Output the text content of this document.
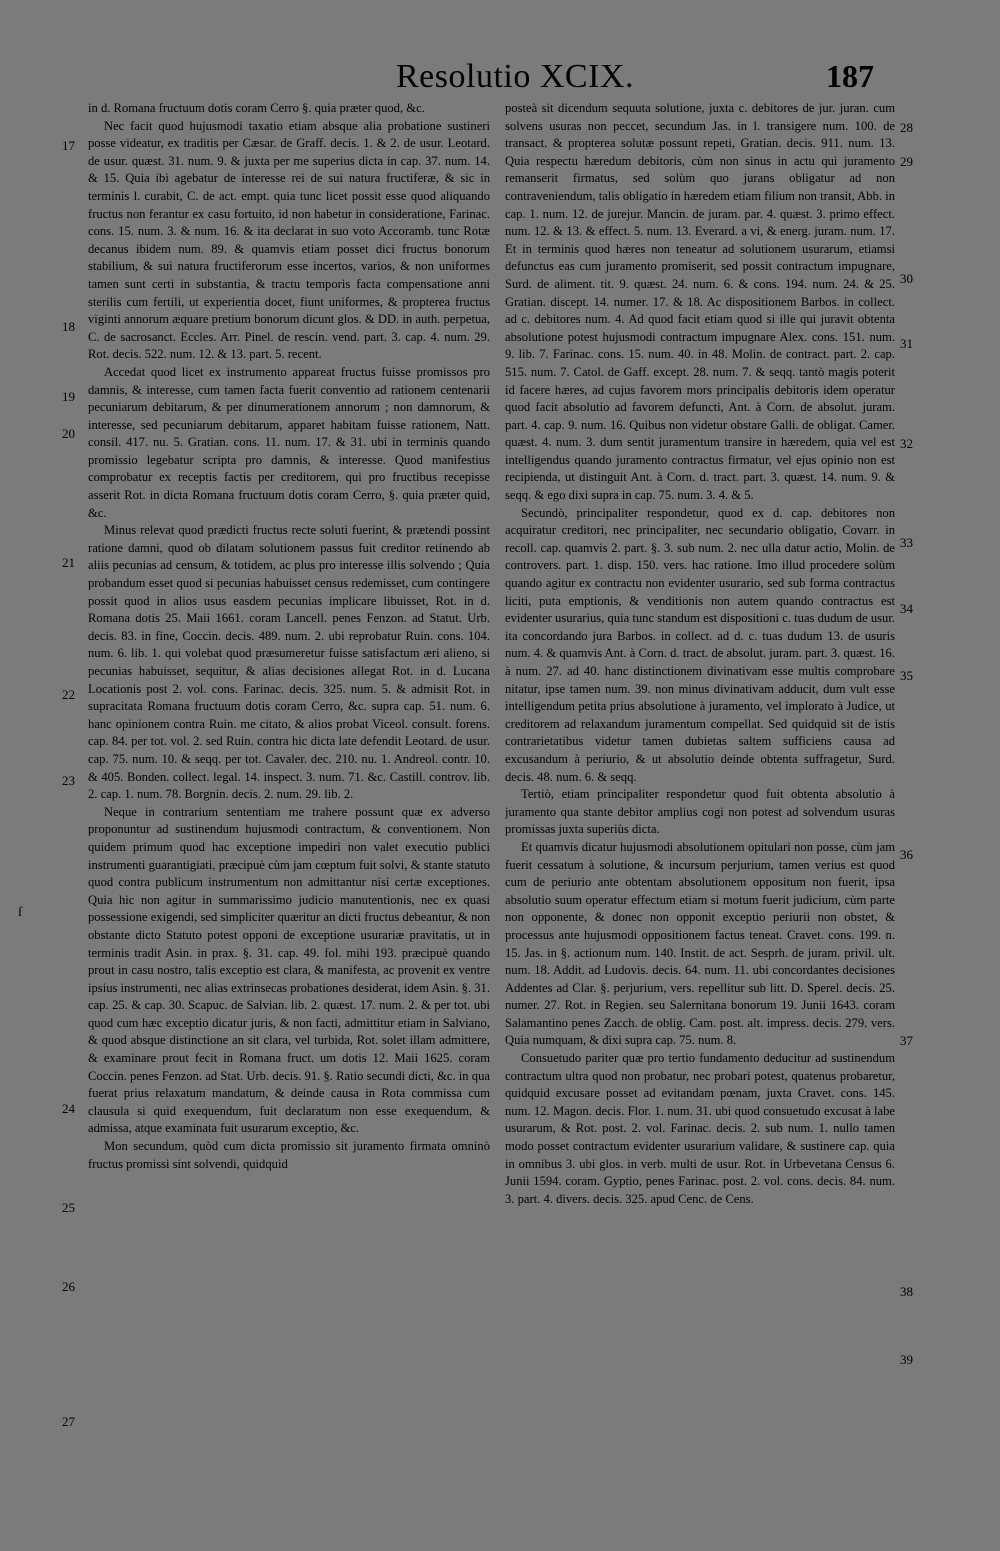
Resolutio XCIX.	187

in d. Romana fructuum dotis coram Cerro §. quia præter quod, &c.

Nec facit quod hujusmodi taxatio etiam absque alia probatione sustineri posse videatur, ex traditis per Cæsar. de Graff. decis. 1. & 2. de usur. Leotard. de usur. quæst. 31. num. 9. & juxta per me superius dicta in cap. 37. num. 14. & 15. Quia ibi agebatur de interesse rei de sui natura fructiferæ, & sic in terminis l. curabit, C. de act. empt. quia tunc licet possit esse quod aliquando fructus non ferantur ex casu fortuito, id non habetur in consideratione, Farinac. cons. 15. num. 3. & num. 16. & ita declarat in suo voto Accoramb. tunc Rotæ decanus ibidem num. 89. & quamvis etiam posset dici fructus bonorum stabilium, & sui natura fructiferorum esse incertos, varios, & non uniformes tamen sunt certi in substantia, & tractu temporis facta compensatione anni sterilis cum fertili, ut experientia docet, fiunt uniformes, & propterea fructus viginti annorum æquare pretium bonorum dicunt glos. & DD. in auth. perpetua, C. de sacrosanct. Eccles. Arr. Pinel. de rescin. vend. part. 3. cap. 4. num. 29. Rot. decis. 522. num. 12. & 13. part. 5. recent.

Accedat quod licet ex instrumento appareat fructus fuisse promissos pro damnis, & interesse, cum tamen facta fuerit conventio ad rationem centenarii pecuniarum debitarum, & per dinumerationem annorum ; non damnorum, & interesse, sed pecuniarum debitarum, apparet habitam fuisse rationem, Natt. consil. 417. nu. 5. Gratian. cons. 11. num. 17. & 31. ubi in terminis quando promissio legebatur scripta pro damnis, & interesse. Quod manifestius comprobatur ex receptis factis per creditorem, qui pro fructibus recepisse asserit Rot. in dicta Romana fructuum dotis coram Cerro, §. quia præter quid, &c.

Minus relevat quod prædicti fructus recte soluti fuerint, & prætendi possint ratione damni, quod ob dilatam solutionem passus fuit creditor retinendo ab aliis pecunias ad censum, & totidem, ac plus pro interesse illis solvendo ; Quia probandum esset quod si pecunias habuisset census redemisset, cum contingere possit quod in alios usus easdem pecunias implicare libuisset, Rot. in d. Romana dotis 25. Maii 1661. coram Lancell. penes Fenzon. ad Statut. Urb. decis. 83. in fine, Coccin. decis. 489. num. 2. ubi reprobatur Ruin. cons. 104. num. 6. lib. 1. qui volebat quod præsumeretur fuisse satisfactum æri alieno, si pecunias habuisset, sequitur, & alias decisiones allegat Rot. in d. Lucana Locationis post 2. vol. cons. Farinac. decis. 325. num. 5. & admisit Rot. in supracitata Romana fructuum dotis coram Cerro, &c. supra cap. 51. num. 6. hanc opinionem contra Ruin. me citato, & alios probat Viceol. consult. forens. cap. 84. per tot. vol. 2. sed Ruin. contra hic dicta late defendit Leotard. de usur. cap. 75. num. 10. & seqq. per tot. Cavaler. dec. 210. nu. 1. Andreol. contr. 10. & 405. Bonden. collect. legal. 14. inspect. 3. num. 71. &c. Castill. controv. lib. 2. cap. 1. num. 78. Borgnin. decis. 2. num. 29. lib. 2.

Neque in contrarium sententiam me trahere possunt quæ ex adverso proponuntur ad sustinendum hujusmodi contractum, & conventionem. Non quidem primum quod hac exceptione impediri non valet executio publici instrumenti guarantigiati, præcipuè cùm jam cœptum fuit solvi, & stante statuto quod contra publicum instrumentum non admittantur nisi certæ exceptiones. Quia hic non agitur in summarissimo judicio manutentionis, nec ex quasi possessione exigendi, sed simpliciter quæritur an dicti fructus debeantur, & non obstante dicto Statuto potest opponi de exceptione usurariæ pravitatis, ut in terminis tradit Asin. in prax. §. 31. cap. 49. fol. mihi 193. præcipuè quando prout in casu nostro, talis exceptio est clara, & manifesta, ac provenit ex ventre ipsius instrumenti, nec alias extrinsecas probationes desiderat, idem Asin. §. 31. cap. 25. & cap. 30. Scapuc. de Salvian. lib. 2. quæst. 17. num. 2. & per tot. ubi quod cum hæc exceptio dicatur juris, & non facti, admittitur etiam in Salviano, & quod absque distinctione an sit clara, vel turbida, Rot. solet illam admittere, & examinare prout fecit in Romana fruct. um dotis 12. Maii 1625. coram Coccin. penes Fenzon. ad Stat. Urb. decis. 91. §. Ratio secundi dicti, &c. in qua fuerat prius relaxatum mandatum, & deinde causa in Rota commissa cum clausula si quid exequendum, fuit declaratum non esse exequendum, & admissa, atque examinata fuit usurarum exceptio, &c.

Mon secundum, quòd cum dicta promissio sit juramento firmata omninò fructus promissi sint solvendi, quidquid

posteà sit dicendum sequuta solutione, juxta c. debitores de jur. juran. cum solvens usuras non peccet, secundum Jas. in l. transigere num. 100. de transact. & propterea solutæ possunt repeti, Gratian. decis. 911. num. 13. Quia respectu hæredum debitoris, cùm non sinus in actu qui juramento remanserit firmatus, sed solùm quo jurans obligatur ad non contraveniendum, talis obligatio in hæredem etiam filium non transit, Abb. in cap. 1. num. 12. de jurejur. Mancin. de juram. par. 4. quæst. 3. primo effect. num. 12. & 13. & effect. 5. num. 13. Everard. a vi, & energ. juram. num. 17. Et in terminis quod hæres non teneatur ad solutionem usurarum, etiamsi defunctus eas cum juramento promiserit, sed possit contractum impugnare, Surd. de aliment. tit. 9. quæst. 24. num. 6. & cons. 194. num. 24. & 25. Gratian. discept. 14. numer. 17. & 18. Ac dispositionem Barbos. in collect. ad c. debitores num. 4. Ad quod facit etiam quod si ille qui juravit obtenta absolutione potest hujusmodi contractum impugnare Alex. cons. 151. num. 9. lib. 7. Farinac. cons. 15. num. 40. in 48. Molin. de contract. part. 2. cap. 515. num. 7. Catol. de Gaff. except. 28. num. 7. & seqq. tantò magis poterit id facere hæres, ad cujus favorem mors principalis debitoris idem operatur quod facit absolutio ad favorem defuncti, Ant. à Corn. de absolut. juram. part. 4. cap. 9. num. 16. Quibus non videtur obstare Galli. de obligat. Camer. quæst. 4. num. 3. dum sentit juramentum transire in hæredem, quia vel est intelligendus quando juramento contractus firmatur, vel ejus opinio non est recipienda, ut distinguit Ant. à Corn. d. tract. part. 3. quæst. 14. num. 9. & seqq. & ego dixi supra in cap. 75. num. 3. 4. & 5.

Secundò, principaliter respondetur, quod ex d. cap. debitores non acquiratur creditori, nec principaliter, nec secundario obligatio, Covarr. in recoll. cap. quamvis 2. part. §. 3. sub num. 2. nec ulla datur actio, Molin. de controvers. part. 1. disp. 150. vers. hac ratione. Imo illud procedere solùm quando agitur ex contractu non evidenter usurario, sed sub forma contractus liciti, puta emptionis, & venditionis non autem quando contractus est evidenter usurarius, quia tunc standum est dispositioni c. tuas dudum de usur. ita concordando jura Barbos. in collect. ad d. c. tuas dudum 13. de usuris num. 4. & quamvis Ant. à Corn. d. tract. de absolut. juram. part. 3. quæst. 16. à num. 27. ad 40. hanc distinctionem divinativam esse multis comprobare nitatur, ipse tamen num. 39. non minus divinativam adducit, dum vult esse intelligendum petita prius absolutione à juramento, vel implorato à Judice, ut creditorem ad relaxandum juramentum compellat. Sed quidquid sit de istis contrarietatibus videtur tamen dubietas saltem sufficiens causa ad excusandum à periurio, & ut absolutio deinde obtenta suffragetur, Surd. decis. 48. num. 6. & seqq.

Tertiò, etiam principaliter respondetur quod fuit obtenta absolutio à juramento qua stante debitor amplius cogi non potest ad solvendum usuras promissas juxta superiùs dicta.

Et quamvis dicatur hujusmodi absolutionem opitulari non posse, cùm jam fuerit cessatum à solutione, & incursum perjurium, tamen verius est quod cum de periurio ante obtentam absolutionem oppositum non fuerit, ipsa absolutio suum operatur effectum etiam si motum fuerit judicium, cùm parte non opponente, & donec non opponit exceptio periurii non obstet, & processus ante hujusmodi oppositionem factus teneat. Cravet. cons. 199. n. 15. Jas. in §. actionum num. 140. Instit. de act. Sesprh. de juram. privil. ult. num. 18. Addit. ad Ludovis. decis. 64. num. 11. ubi concordantes decisiones Addentes ad Clar. §. perjurium, vers. repellitur sub litt. D. Sperel. decis. 25. numer. 27. Rot. in Regien. seu Salernitana bonorum 19. Junii 1643. coram Salamantino penes Zacch. de oblig. Cam. post. alt. impress. decis. 279. vers. Quia numquam, & dixi supra cap. 75. num. 8.

Consuetudo pariter quæ pro tertio fundamento deducitur ad sustinendum contractum ultra quod non probatur, nec probari potest, quatenus probaretur, quidquid excusare posset ad evitandam pœnam, juxta Cravet. cons. 145. num. 12. Magon. decis. Flor. 1. num. 31. ubi quod consuetudo excusat à labe usurarum, & Rot. post. 2. vol. Farinac. decis. 2. sub num. 1. nullo tamen modo posset contractum evidenter usurarium validare, & sustinere cap. quia in omnibus 3. ubi glos. in verb. multi de usur. Rot. in Urbevetana Census 6. Junii 1594. coram. Gyptio, penes Farinac. post. 2. vol. cons. decis. 84. num. 3. part. 4. divers. decis. 325. apud Cenc. de Cens.

17
18
19
20
21
22
23
24
25
26
27
28
29
30
31
32
33
34
35
36
37
38
39
ſ
